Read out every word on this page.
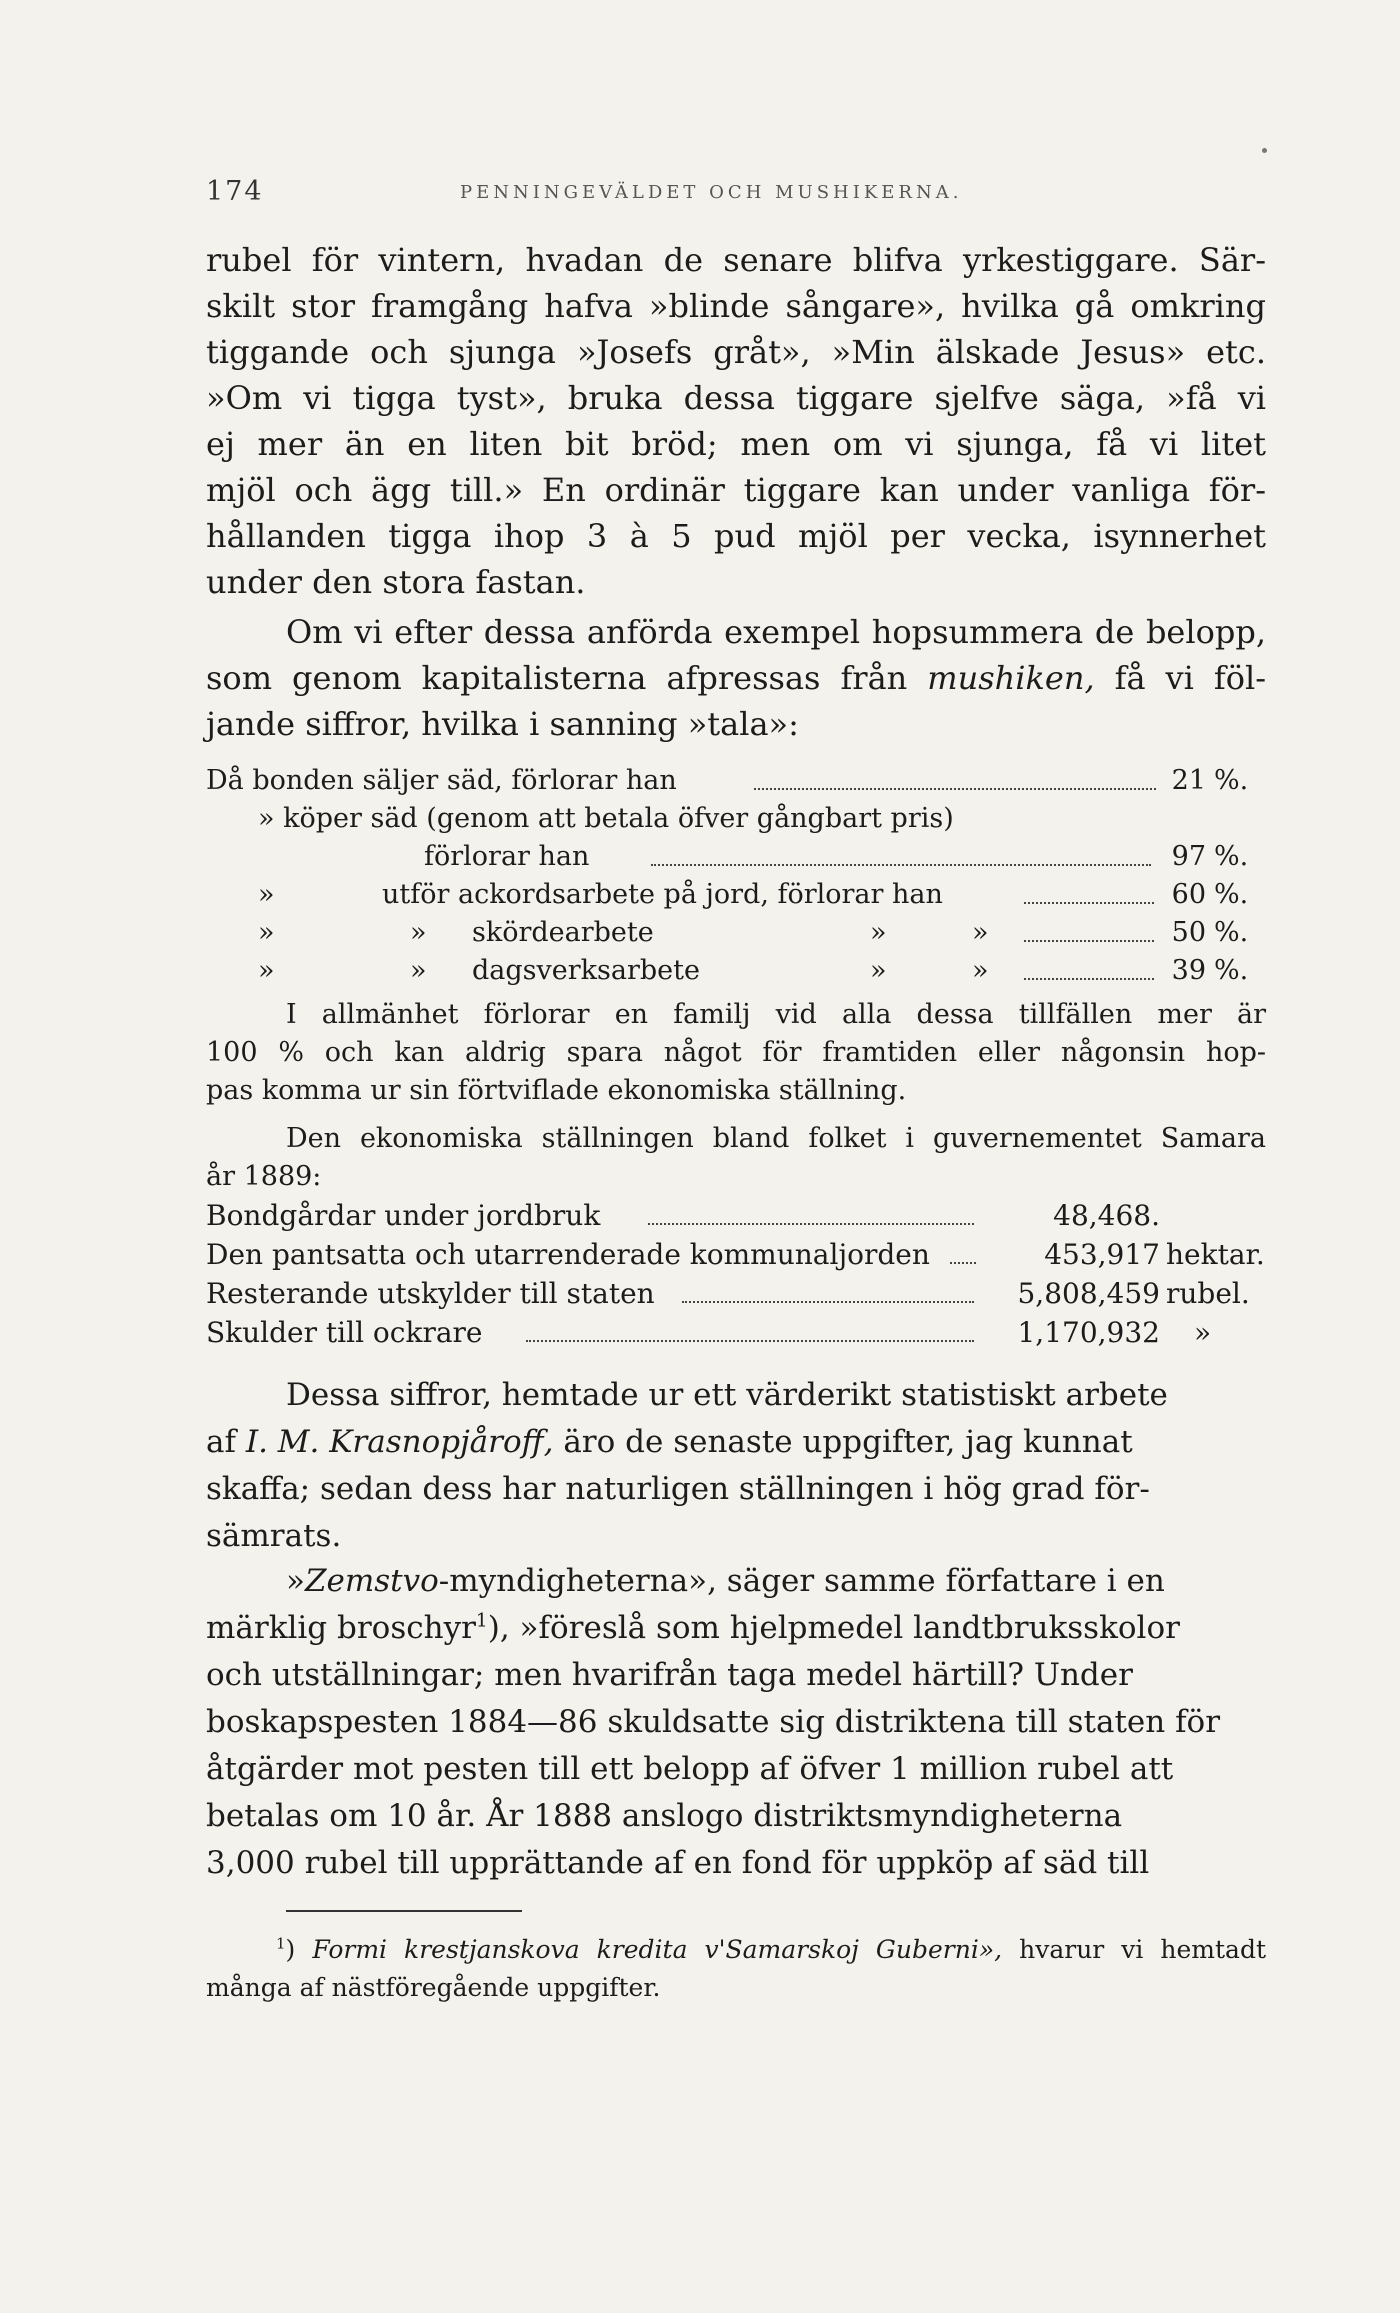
174	PENNINGEVÄLDET OCH MUSHIKERNA.
rubel för vintern, hvadan de senare blifva yrkestiggare. Sär-
skilt stor framgång hafva »blinde sångare», hvilka gå omkring
tiggande och sjunga »Josefs gråt», »Min älskade Jesus» etc.
»Om vi tigga tyst», bruka dessa tiggare sjelfve säga, »få vi
ej mer än en liten bit bröd; men om vi sjunga, få vi litet
mjöl och ägg till.» En ordinär tiggare kan under vanliga för-
hållanden tigga ihop 3 à 5 pud mjöl per vecka, isynnerhet
under den stora fastan.
Om vi efter dessa anförda exempel hopsummera de belopp,
som genom kapitalisterna afpressas från mushiken, få vi föl-
jande siffror, hvilka i sanning »tala»:
Då bonden säljer säd, förlorar han	21 %.
» köper säd (genom att betala öfver gångbart pris)
förlorar han	97 %.
»	utför ackordsarbete på jord, förlorar han	60 %.
»	» skördearbete	»	»	50 %.
»	» dagsverksarbete	»	»	39 %.
I allmänhet förlorar en familj vid alla dessa tillfällen mer är
100 % och kan aldrig spara något för framtiden eller någonsin hop-
pas komma ur sin förtviflade ekonomiska ställning.
Den ekonomiska ställningen bland folket i guvernementet Samara
år 1889:
Bondgårdar under jordbruk	48,468.
Den pantsatta och utarrenderade kommunaljorden	453,917 hektar.
Resterande utskylder till staten	5,808,459 rubel.
Skulder till ockrare	1,170,932 »
Dessa siffror, hemtade ur ett värderikt statistiskt arbete
af I. M. Krasnopjåroff, äro de senaste uppgifter, jag kunnat
skaffa; sedan dess har naturligen ställningen i hög grad för-
sämrats.
»Zemstvo-myndigheterna», säger samme författare i en
märklig broschyr$^1$), »föreslå som hjelpmedel landtbruksskolor
och utställningar; men hvarifrån taga medel härtill? Under
boskapspesten 1884—86 skuldsatte sig distriktena till staten för
åtgärder mot pesten till ett belopp af öfver 1 million rubel att
betalas om 10 år. År 1888 anslogo distriktsmyndigheterna
3,000 rubel till upprättande af en fond för uppköp af säd till
$^1$) Formi krestjanskova kredita v'Samarskoj Guberni», hvarur vi hemtadt
många af nästföregående uppgifter.
